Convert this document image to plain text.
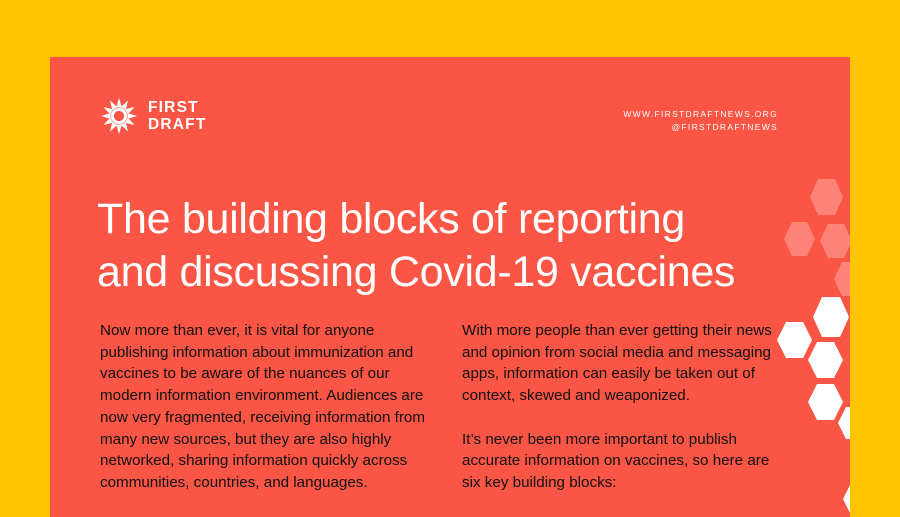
FIRST
DRAFT
WWW.FIRSTDRAFTNEWS.ORG
@FIRSTDRAFTNEWS
The building blocks of reporting
and discussing Covid-19 vaccines

Now more than ever, it is vital for anyone publishing information about immunization and vaccines to be aware of the nuances of our modern information environment. Audiences are now very fragmented, receiving information from many new sources, but they are also highly networked, sharing information quickly across communities, countries, and languages.

With more people than ever getting their news and opinion from social media and messaging apps, information can easily be taken out of context, skewed and weaponized.

It’s never been more important to publish accurate information on vaccines, so here are six key building blocks:
